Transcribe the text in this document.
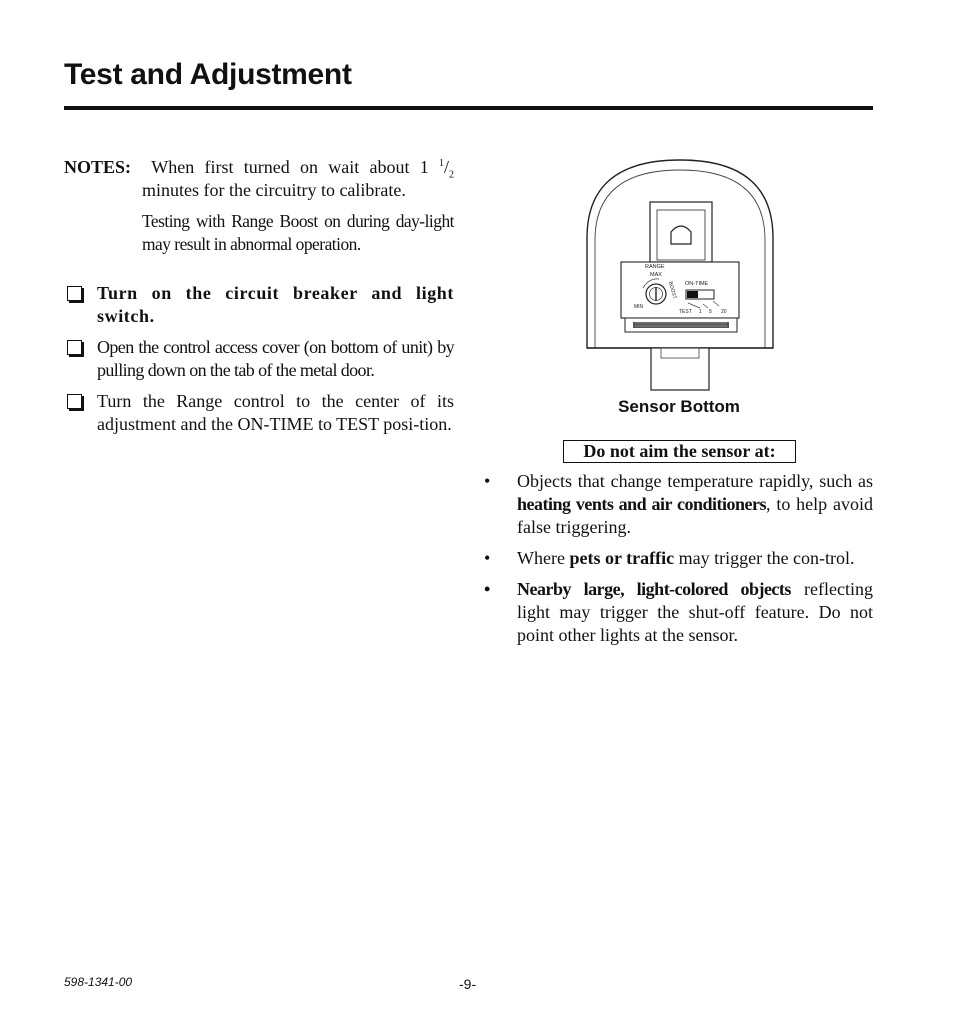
Test and Adjustment

NOTES: When first turned on wait about 1 $^1/_2$ minutes for the circuitry to calibrate.

Testing with Range Boost on during day-light may result in abnormal operation.

Turn on the circuit breaker and light switch.
Open the control access cover (on bottom of unit) by pulling down on the tab of the metal door.
Turn the Range control to the center of its adjustment and the ON-TIME to TEST posi-tion.
RANGE
MAX
MIN
BOOST ON-TIME
TEST 1 5 20
Sensor Bottom
Do not aim the sensor at:
• Objects that change temperature rapidly, such as heating vents and air conditioners, to help avoid false triggering.
• Where pets or traffic may trigger the con-trol.
• Nearby large, light-colored objects reflecting light may trigger the shut-off feature. Do not point other lights at the sensor.
598-1341-00	-9-
